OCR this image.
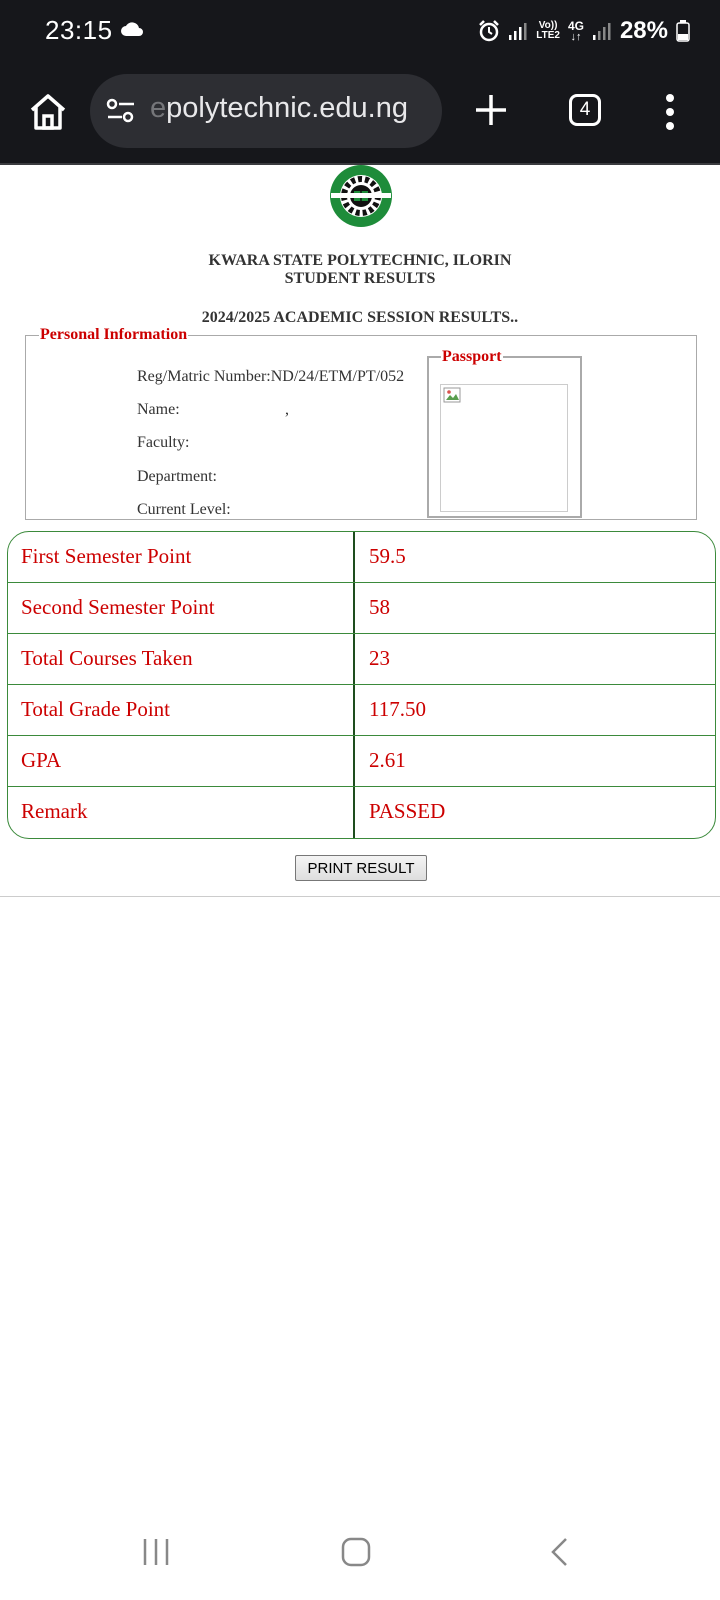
23:15	Vo))
LTE2
4G
↓↑ 28%
epolytechnic.edu.ng	4
KWARA STATE POLYTECHNIC, ILORIN
STUDENT RESULTS
2024/2025 ACADEMIC SESSION RESULTS..
Personal Information
Reg/Matric Number:ND/24/ETM/PT/052
Name:	,
Faculty:
Department:
Current Level:
Passport
First Semester Point	59.5
Second Semester Point	58
Total Courses Taken	23
Total Grade Point	117.50
GPA	2.61
Remark	PASSED
PRINT RESULT
